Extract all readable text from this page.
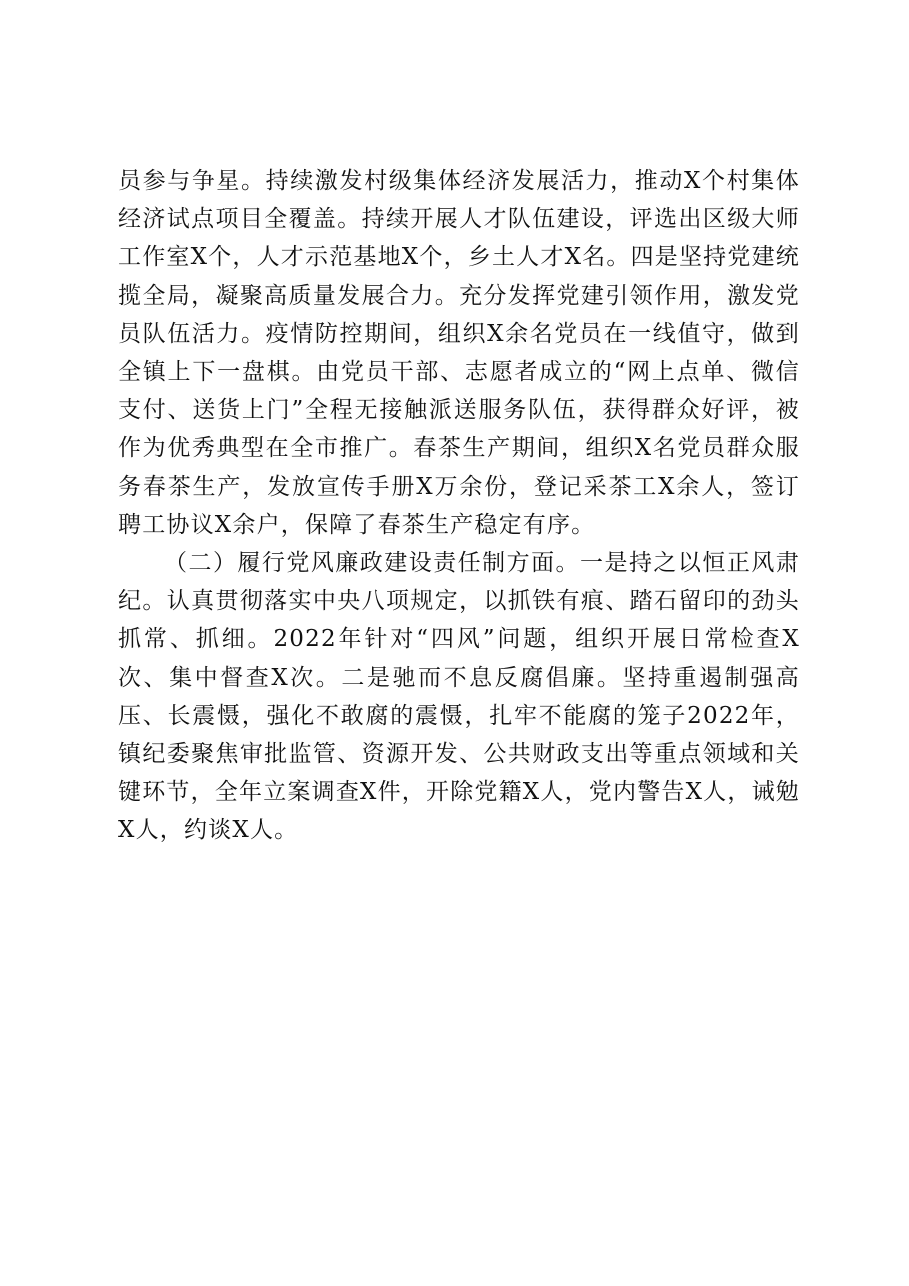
员参与争星。持续激发村级集体经济发展活力，推动X个村集体经济试点项目全覆盖。持续开展人才队伍建设，评选出区级大师工作室X个，人才示范基地X个，乡土人才X名。四是坚持党建统揽全局，凝聚高质量发展合力。充分发挥党建引领作用，激发党员队伍活力。疫情防控期间，组织X余名党员在一线值守，做到全镇上下一盘棋。由党员干部、志愿者成立的“网上点单、微信支付、送货上门”全程无接触派送服务队伍，获得群众好评，被作为优秀典型在全市推广。春茶生产期间，组织X名党员群众服务春茶生产，发放宣传手册X万余份，登记采茶工X余人，签订聘工协议X余户，保障了春茶生产稳定有序。

（二）履行党风廉政建设责任制方面。一是持之以恒正风肃纪。认真贯彻落实中央八项规定，以抓铁有痕、踏石留印的劲头抓常、抓细。2022年针对“四风”问题，组织开展日常检查X次、集中督查X次。二是驰而不息反腐倡廉。坚持重遏制强高压、长震慑，强化不敢腐的震慑，扎牢不能腐的笼子2022年，镇纪委聚焦审批监管、资源开发、公共财政支出等重点领域和关键环节，全年立案调查X件，开除党籍X人，党内警告X人，诫勉X人，约谈X人。
